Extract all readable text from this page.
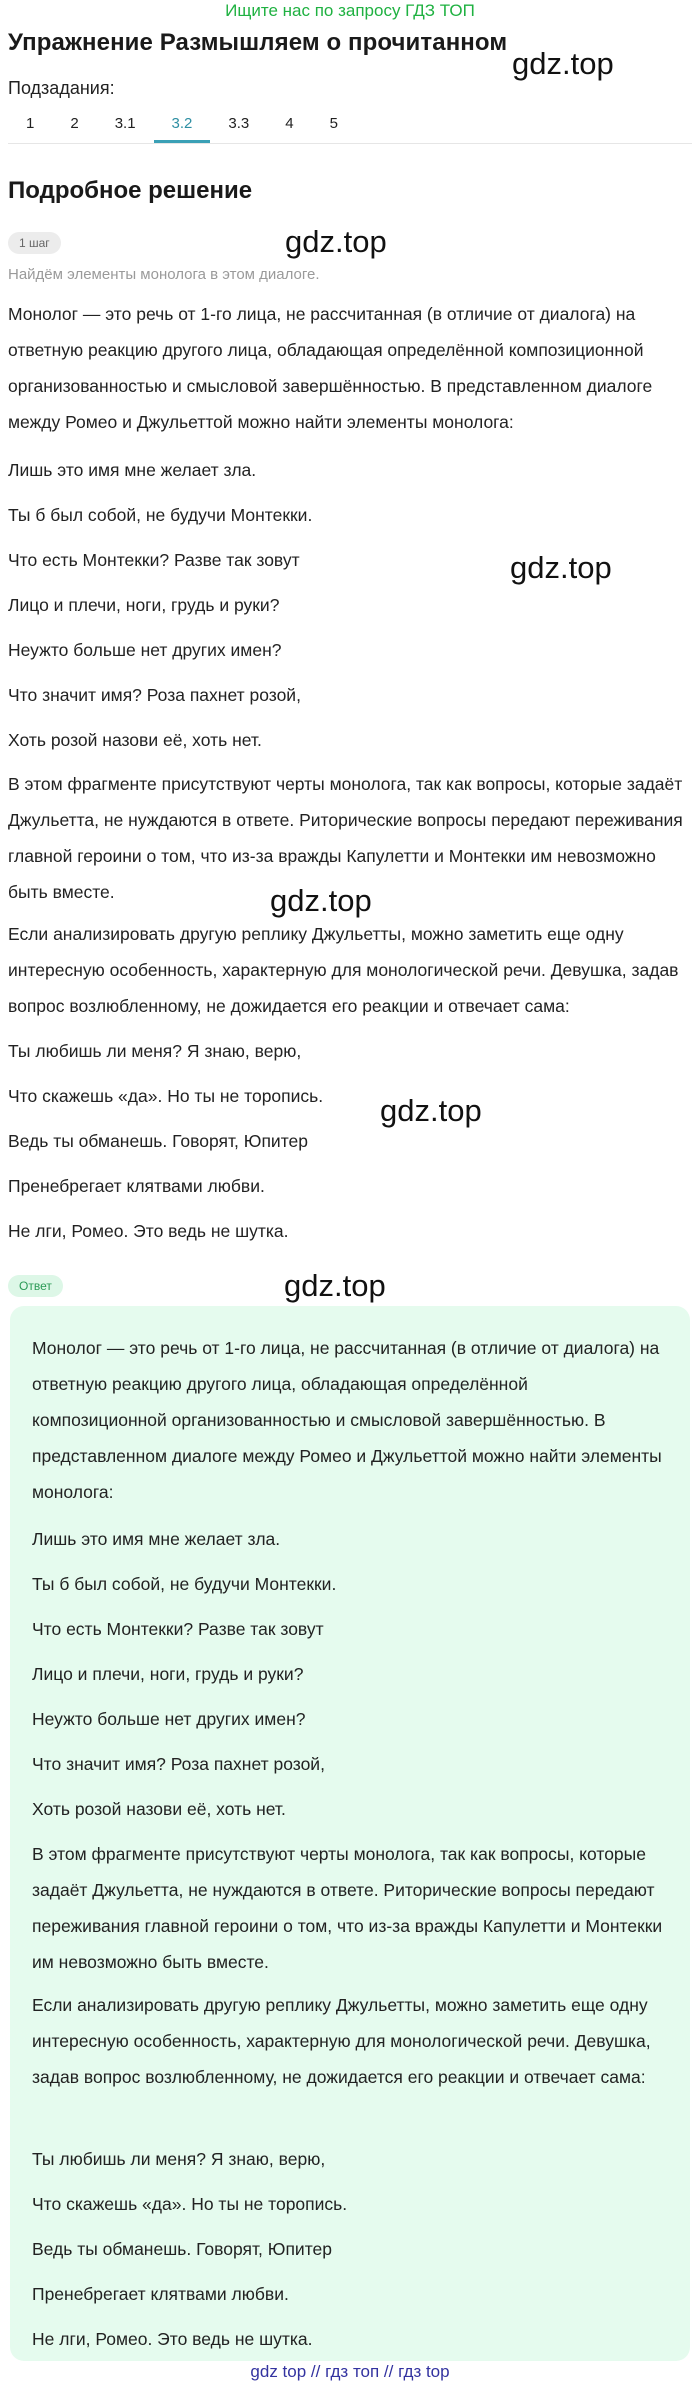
Ищите нас по запросу ГДЗ ТОП
Упражнение Размышляем о прочитанном
gdz.top
gdz.top
gdz.top
gdz.top
gdz.top
gdz.top
Подзадания:
1	2	3.1	3.2	3.3	4	5
Подробное решение
1 шаг
Найдём элементы монолога в этом диалоге.

Монолог — это речь от 1-го лица, не рассчитанная (в отличие от диалога) на ответную реакцию другого лица, обладающая определённой композиционной организованностью и смысловой завершённостью. В представленном диалоге между Ромео и Джульеттой можно найти элементы монолога:

Лишь это имя мне желает зла.

Ты б был собой, не будучи Монтекки.

Что есть Монтекки? Разве так зовут

Лицо и плечи, ноги, грудь и руки?

Неужто больше нет других имен?

Что значит имя? Роза пахнет розой,

Хоть розой назови её, хоть нет.

В этом фрагменте присутствуют черты монолога, так как вопросы, которые задаёт Джульетта, не нуждаются в ответе. Риторические вопросы передают переживания главной героини о том, что из-за вражды Капулетти и Монтекки им невозможно быть вместе.

Если анализировать другую реплику Джульетты, можно заметить еще одну интересную особенность, характерную для монологической речи. Девушка, задав вопрос возлюбленному, не дожидается его реакции и отвечает сама:

Ты любишь ли меня? Я знаю, верю,

Что скажешь «да». Но ты не торопись.

Ведь ты обманешь. Говорят, Юпитер

Пренебрегает клятвами любви.

Не лги, Ромео. Это ведь не шутка.

Ответ

Монолог — это речь от 1-го лица, не рассчитанная (в отличие от диалога) на ответную реакцию другого лица, обладающая определённой композиционной организованностью и смысловой завершённостью. В представленном диалоге между Ромео и Джульеттой можно найти элементы монолога:

Лишь это имя мне желает зла.

Ты б был собой, не будучи Монтекки.

Что есть Монтекки? Разве так зовут

Лицо и плечи, ноги, грудь и руки?

Неужто больше нет других имен?

Что значит имя? Роза пахнет розой,

Хоть розой назови её, хоть нет.

В этом фрагменте присутствуют черты монолога, так как вопросы, которые задаёт Джульетта, не нуждаются в ответе. Риторические вопросы передают переживания главной героини о том, что из-за вражды Капулетти и Монтекки им невозможно быть вместе.

Если анализировать другую реплику Джульетты, можно заметить еще одну интересную особенность, характерную для монологической речи. Девушка, задав вопрос возлюбленному, не дожидается его реакции и отвечает сама:

Ты любишь ли меня? Я знаю, верю,

Что скажешь «да». Но ты не торопись.

Ведь ты обманешь. Говорят, Юпитер

Пренебрегает клятвами любви.

Не лги, Ромео. Это ведь не шутка.

gdz top // гдз топ // гдз top
